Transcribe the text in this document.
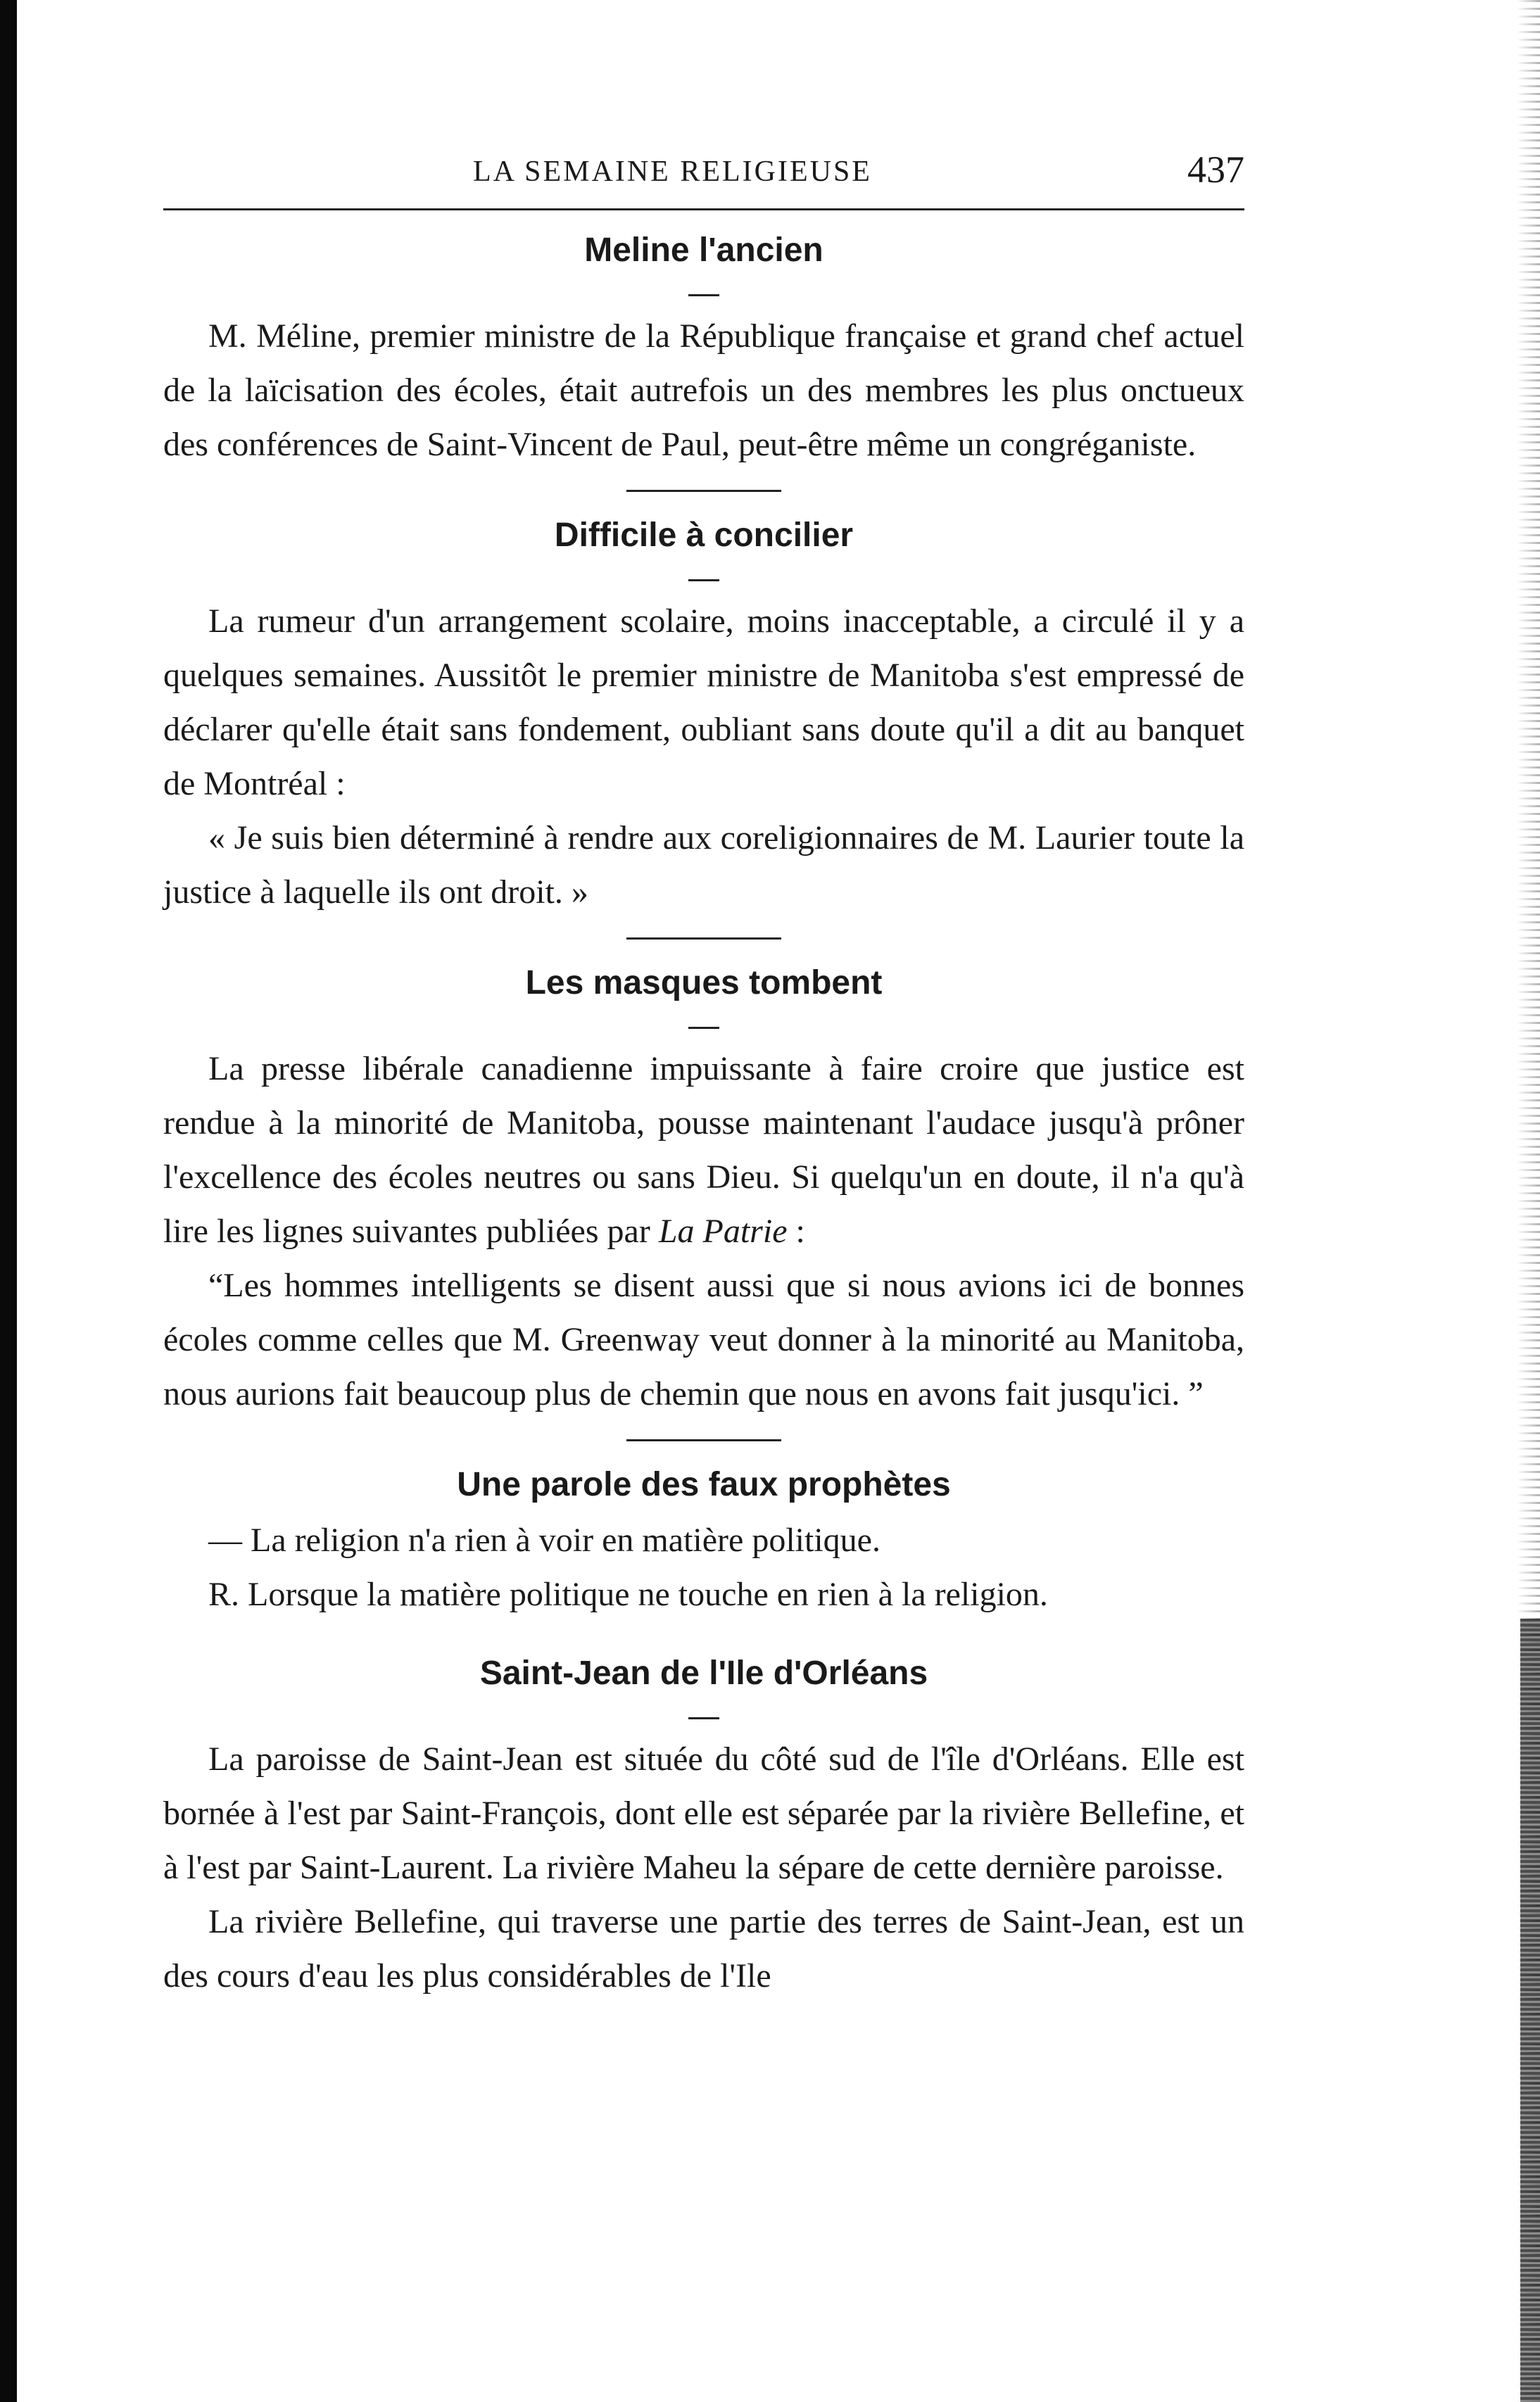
LA SEMAINE RELIGIEUSE	437
Meline l'ancien

M. Méline, premier ministre de la République française et grand chef actuel de la laïcisation des écoles, était autrefois un des membres les plus onctueux des conférences de Saint-Vincent de Paul, peut-être même un congréganiste.

Difficile à concilier

La rumeur d'un arrangement scolaire, moins inacceptable, a circulé il y a quelques semaines. Aussitôt le premier ministre de Manitoba s'est empressé de déclarer qu'elle était sans fondement, oubliant sans doute qu'il a dit au banquet de Montréal :

« Je suis bien déterminé à rendre aux coreligionnaires de M. Laurier toute la justice à laquelle ils ont droit. »

Les masques tombent

La presse libérale canadienne impuissante à faire croire que justice est rendue à la minorité de Manitoba, pousse maintenant l'audace jusqu'à prôner l'excellence des écoles neutres ou sans Dieu. Si quelqu'un en doute, il n'a qu'à lire les lignes suivantes publiées par La Patrie :

“Les hommes intelligents se disent aussi que si nous avions ici de bonnes écoles comme celles que M. Greenway veut donner à la minorité au Manitoba, nous aurions fait beaucoup plus de chemin que nous en avons fait jusqu'ici. ”

Une parole des faux prophètes

— La religion n'a rien à voir en matière politique.

R. Lorsque la matière politique ne touche en rien à la religion.

Saint-Jean de l'Ile d'Orléans

La paroisse de Saint-Jean est située du côté sud de l'île d'Orléans. Elle est bornée à l'est par Saint-François, dont elle est séparée par la rivière Bellefine, et à l'est par Saint-Laurent. La rivière Maheu la sépare de cette dernière paroisse.

La rivière Bellefine, qui traverse une partie des terres de Saint-Jean, est un des cours d'eau les plus considérables de l'Ile
